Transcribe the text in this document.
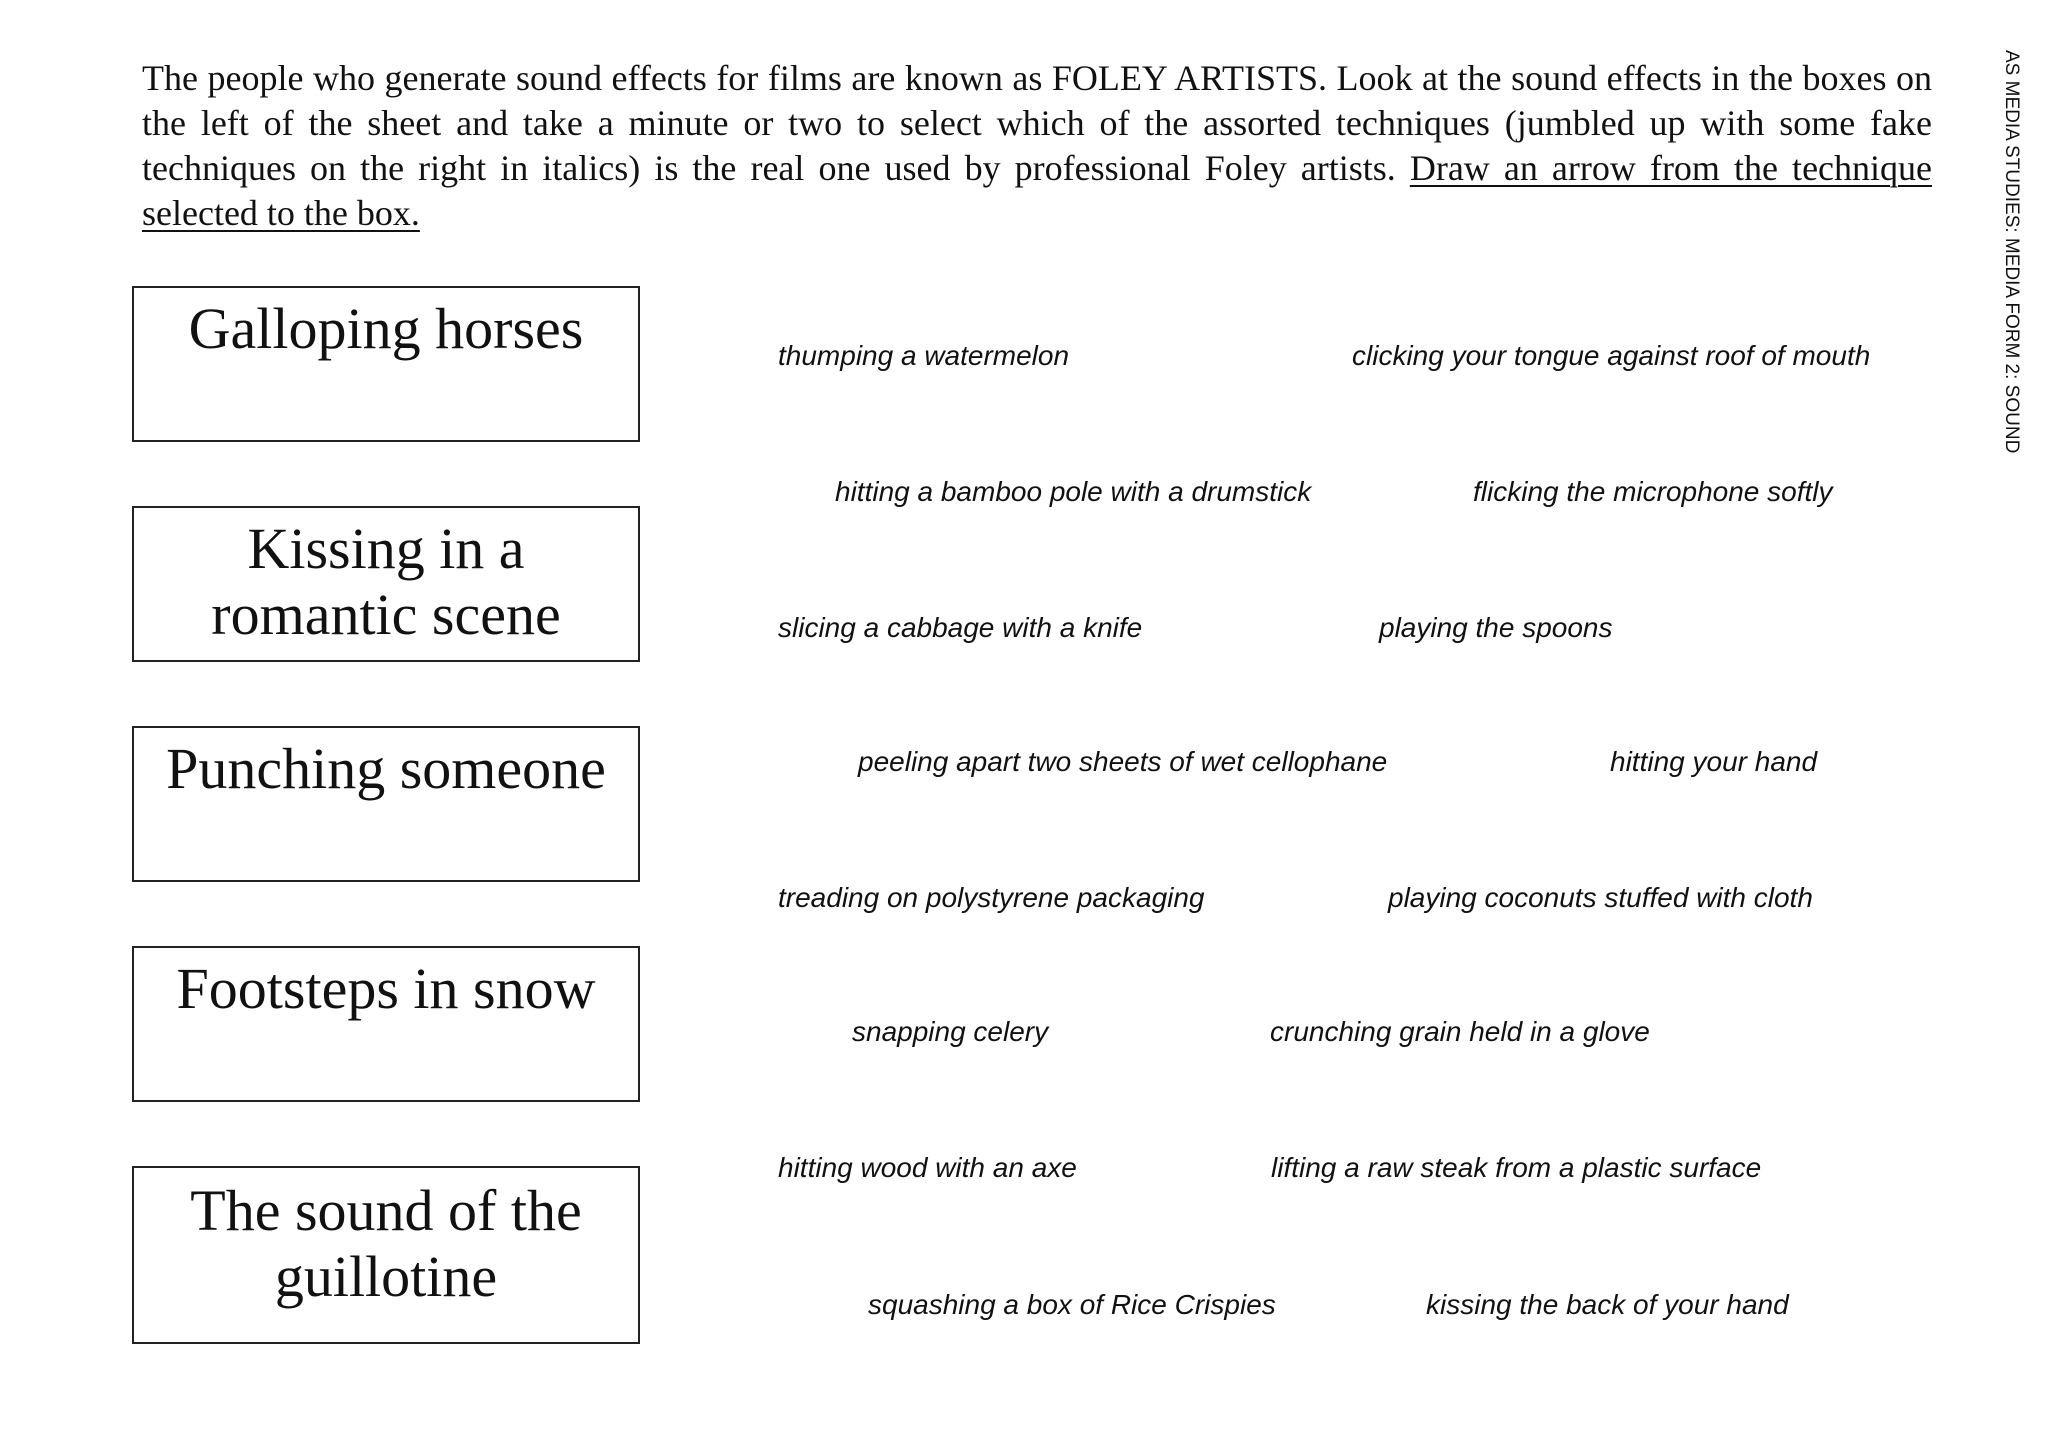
The people who generate sound effects for films are known as FOLEY ARTISTS. Look at the sound effects in the boxes on the left of the sheet and take a minute or two to select which of the assorted techniques (jumbled up with some fake techniques on the right in italics) is the real one used by professional Foley artists. Draw an arrow from the technique selected to the box.	AS MEDIA STUDIES: MEDIA FORM 2: SOUND
Galloping horses
Kissing in a
romantic scene
Punching someone
Footsteps in snow
The sound of the
guillotine
thumping a watermelon	clicking your tongue against roof of mouth
hitting a bamboo pole with a drumstick	flicking the microphone softly
slicing a cabbage with a knife	playing the spoons
peeling apart two sheets of wet cellophane	hitting your hand
treading on polystyrene packaging	playing coconuts stuffed with cloth
snapping celery	crunching grain held in a glove
hitting wood with an axe	lifting a raw steak from a plastic surface
squashing a box of Rice Crispies	kissing the back of your hand
